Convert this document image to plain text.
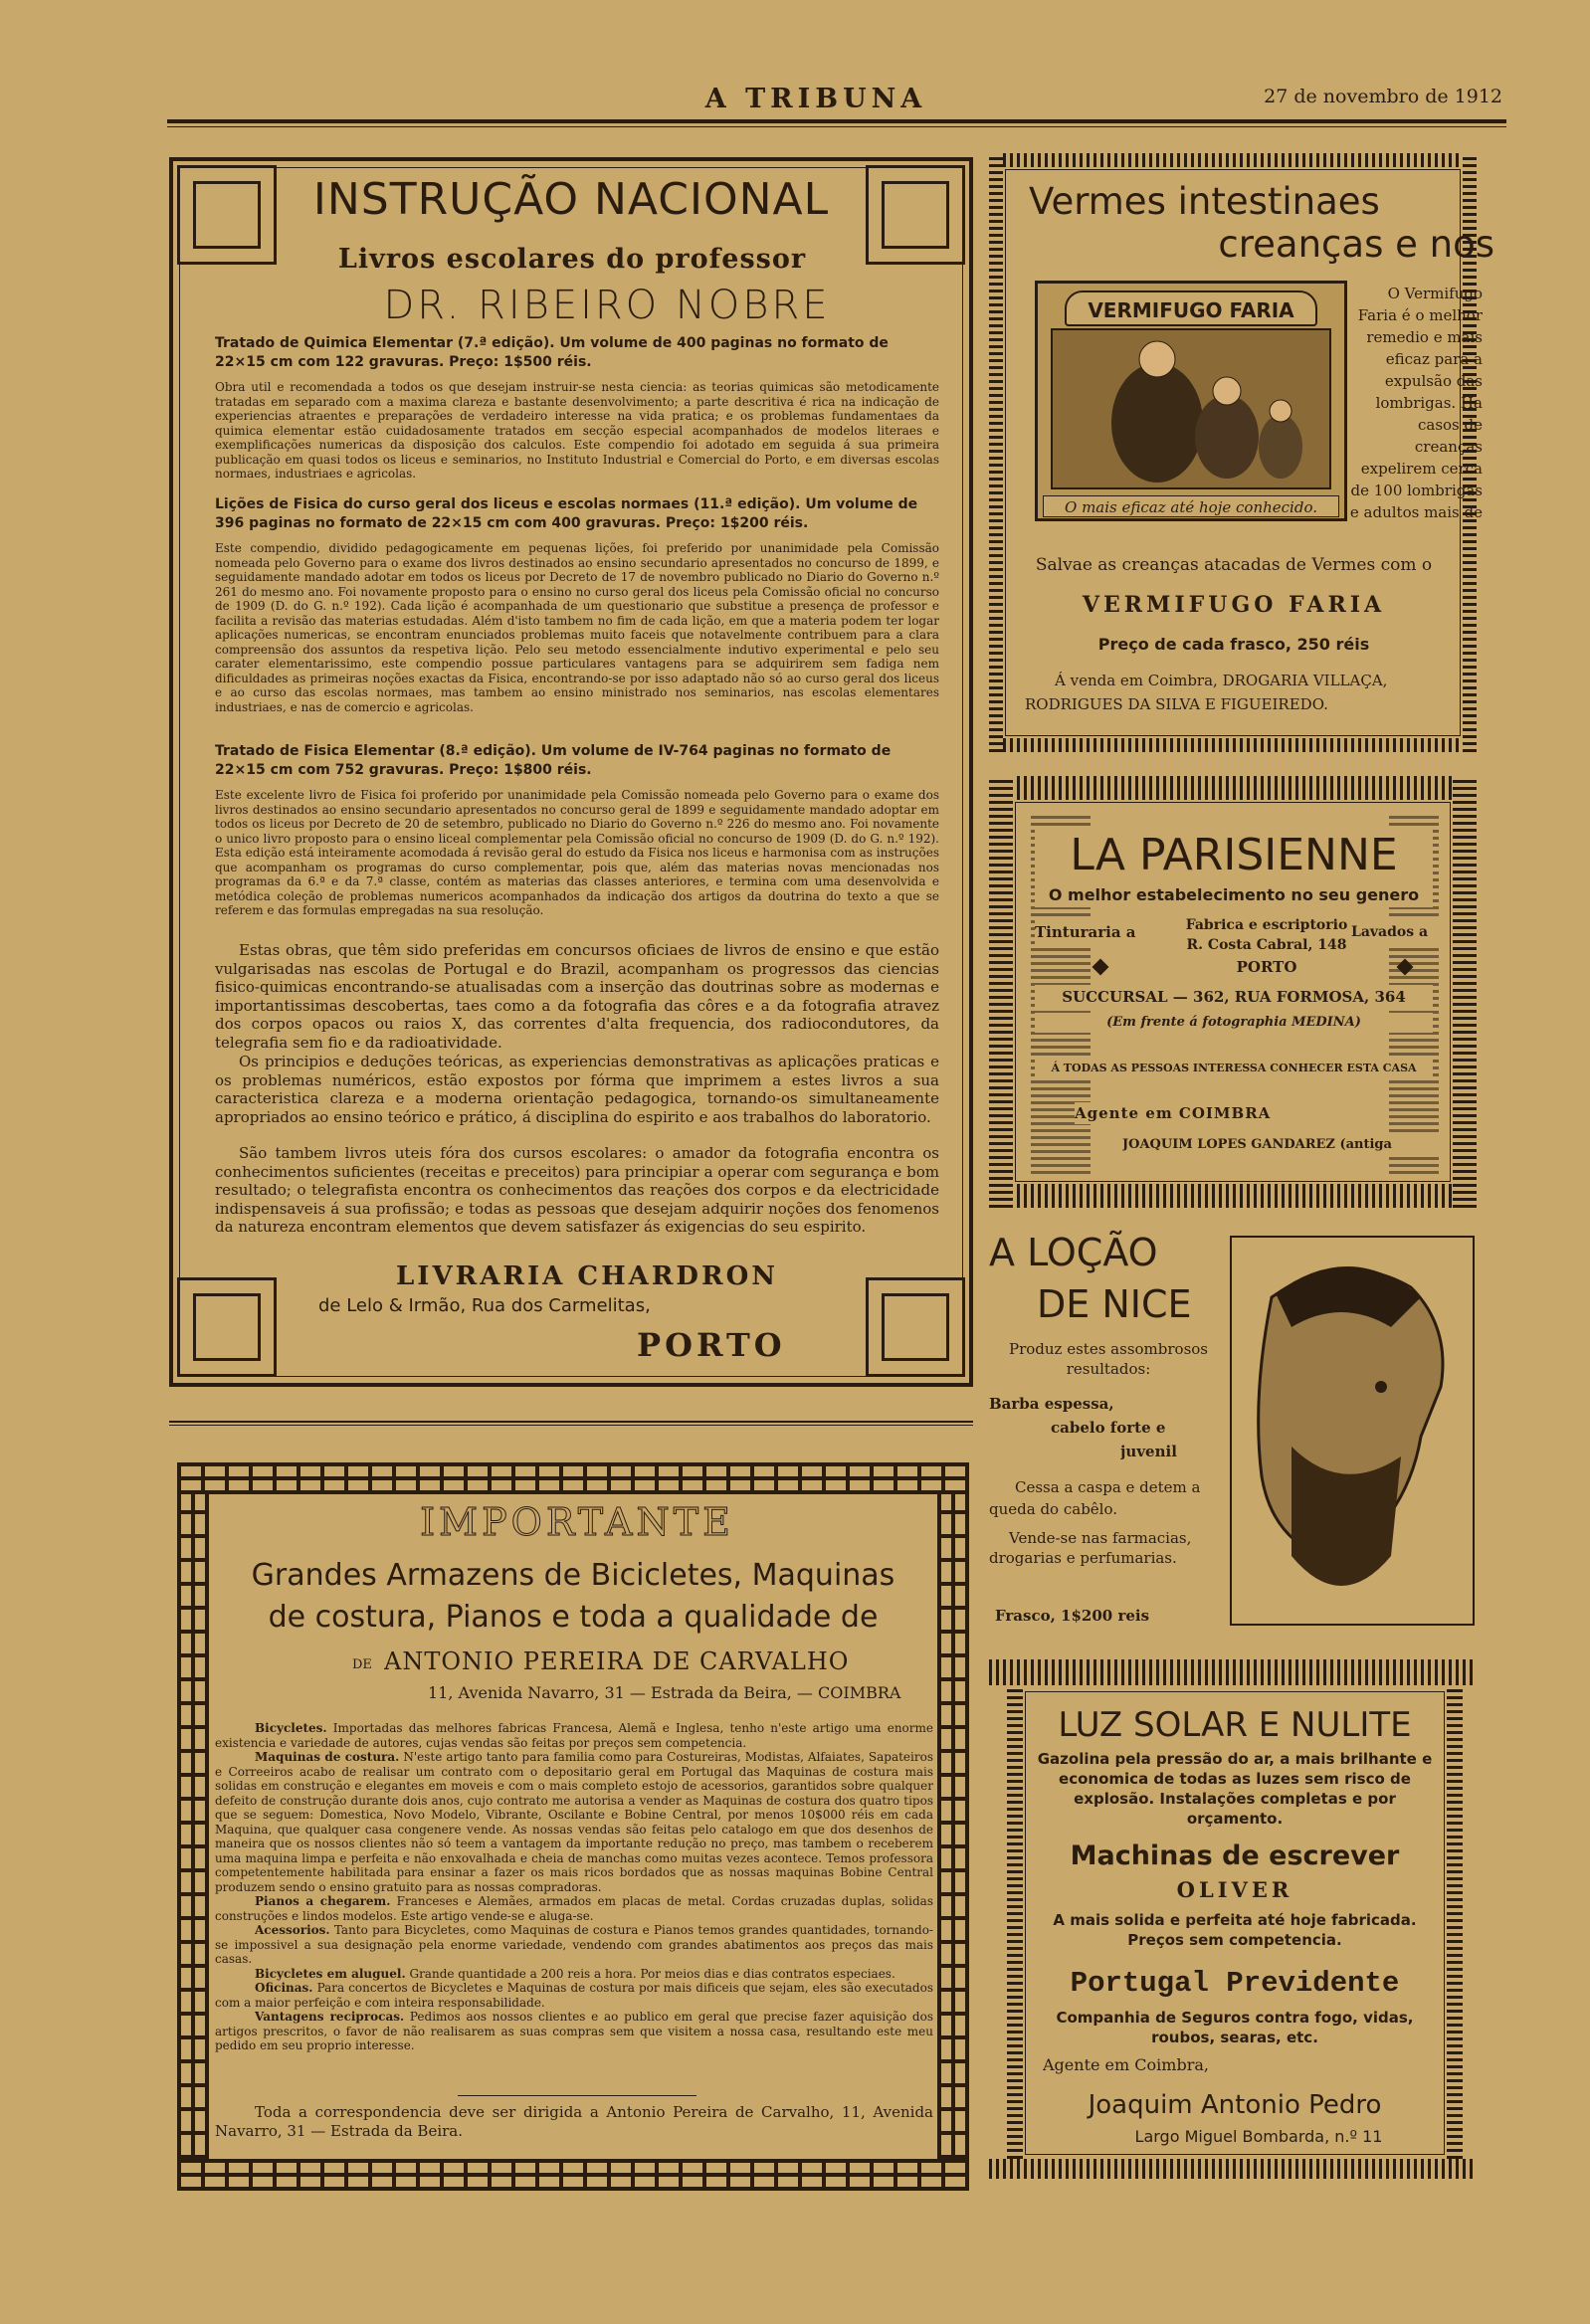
A TRIBUNA	27 de novembro de 1912
INSTRUÇÃO NACIONAL
Livros escolares do professor
DR. RIBEIRO NOBRE
Tratado de Quimica Elementar (7.ª edição). Um volume de 400 paginas no formato de 22×15 cm com 122 gravuras. Preço: 1$500 réis.
Obra util e recomendada a todos os que desejam instruir-se nesta ciencia: as teorias quimicas são metodicamente tratadas em separado com a maxima clareza e bastante desenvolvimento; a parte descritiva é rica na indicação de experiencias atraentes e preparações de verdadeiro interesse na vida pratica; e os problemas fundamentaes da quimica elementar estão cuidadosamente tratados em secção especial acompanhados de modelos literaes e exemplificações numericas da disposição dos calculos. Este compendio foi adotado em seguida á sua primeira publicação em quasi todos os liceus e seminarios, no Instituto Industrial e Comercial do Porto, e em diversas escolas normaes, industriaes e agricolas.
Lições de Fisica do curso geral dos liceus e escolas normaes (11.ª edição). Um volume de 396 paginas no formato de 22×15 cm com 400 gravuras. Preço: 1$200 réis.
Este compendio, dividido pedagogicamente em pequenas lições, foi preferido por unanimidade pela Comissão nomeada pelo Governo para o exame dos livros destinados ao ensino secundario apresentados no concurso de 1899, e seguidamente mandado adotar em todos os liceus por Decreto de 17 de novembro publicado no Diario do Governo n.º 261 do mesmo ano. Foi novamente proposto para o ensino no curso geral dos liceus pela Comissão oficial no concurso de 1909 (D. do G. n.º 192). Cada lição é acompanhada de um questionario que substitue a presença de professor e facilita a revisão das materias estudadas. Além d'isto tambem no fim de cada lição, em que a materia podem ter logar aplicações numericas, se encontram enunciados problemas muito faceis que notavelmente contribuem para a clara compreensão dos assuntos da respetiva lição. Pelo seu metodo essencialmente indutivo experimental e pelo seu carater elementarissimo, este compendio possue particulares vantagens para se adquirirem sem fadiga nem dificuldades as primeiras noções exactas da Fisica, encontrando-se por isso adaptado não só ao curso geral dos liceus e ao curso das escolas normaes, mas tambem ao ensino ministrado nos seminarios, nas escolas elementares industriaes, e nas de comercio e agricolas.
Tratado de Fisica Elementar (8.ª edição). Um volume de IV-764 paginas no formato de 22×15 cm com 752 gravuras. Preço: 1$800 réis.
Este excelente livro de Fisica foi proferido por unanimidade pela Comissão nomeada pelo Governo para o exame dos livros destinados ao ensino secundario apresentados no concurso geral de 1899 e seguidamente mandado adoptar em todos os liceus por Decreto de 20 de setembro, publicado no Diario do Governo n.º 226 do mesmo ano. Foi novamente o unico livro proposto para o ensino liceal complementar pela Comissão oficial no concurso de 1909 (D. do G. n.º 192). Esta edição está inteiramente acomodada á revisão geral do estudo da Fisica nos liceus e harmonisa com as instruções que acompanham os programas do curso complementar, pois que, além das materias novas mencionadas nos programas da 6.ª e da 7.ª classe, contém as materias das classes anteriores, e termina com uma desenvolvida e metódica coleção de problemas numericos acompanhados da indicação dos artigos da doutrina do texto a que se referem e das formulas empregadas na sua resolução.
Estas obras, que têm sido preferidas em concursos oficiaes de livros de ensino e que estão vulgarisadas nas escolas de Portugal e do Brazil, acompanham os progressos das ciencias fisico-quimicas encontrando-se atualisadas com a inserção das doutrinas sobre as modernas e importantissimas descobertas, taes como a da fotografia das côres e a da fotografia atravez dos corpos opacos ou raios X, das correntes d'alta frequencia, dos radiocondutores, da telegrafia sem fio e da radioatividade.
Os principios e deduções teóricas, as experiencias demonstrativas as aplicações praticas e os problemas numéricos, estão expostos por fórma que imprimem a estes livros a sua caracteristica clareza e a moderna orientação pedagogica, tornando-os simultaneamente apropriados ao ensino teórico e prático, á disciplina do espirito e aos trabalhos do laboratorio.
São tambem livros uteis fóra dos cursos escolares: o amador da fotografia encontra os conhecimentos suficientes (receitas e preceitos) para principiar a operar com segurança e bom resultado; o telegrafista encontra os conhecimentos das reações dos corpos e da electricidade indispensaveis á sua profissão; e todas as pessoas que desejam adquirir noções dos fenomenos da natureza encontram elementos que devem satisfazer ás exigencias do seu espirito.
LIVRARIA CHARDRON
de Lelo & Irmão, Rua dos Carmelitas,
PORTO
IMPORTANTE
Grandes Armazens de Bicicletes, Maquinas
de costura, Pianos e toda a qualidade de
DE ANTONIO PEREIRA DE CARVALHO
11, Avenida Navarro, 31 — Estrada da Beira, — COIMBRA

Bicycletes. Importadas das melhores fabricas Francesa, Alemã e Inglesa, tenho n'este artigo uma enorme existencia e variedade de autores, cujas vendas são feitas por preços sem competencia.

Maquinas de costura. N'este artigo tanto para familia como para Costureiras, Modistas, Alfaiates, Sapateiros e Correeiros acabo de realisar um contrato com o depositario geral em Portugal das Maquinas de costura mais solidas em construção e elegantes em moveis e com o mais completo estojo de acessorios, garantidos sobre qualquer defeito de construção durante dois anos, cujo contrato me autorisa a vender as Maquinas de costura dos quatro tipos que se seguem: Domestica, Novo Modelo, Vibrante, Oscilante e Bobine Central, por menos 10$000 réis em cada Maquina, que qualquer casa congenere vende. As nossas vendas são feitas pelo catalogo em que dos desenhos de maneira que os nossos clientes não só teem a vantagem da importante redução no preço, mas tambem o receberem uma maquina limpa e perfeita e não enxovalhada e cheia de manchas como muitas vezes acontece. Temos professora competentemente habilitada para ensinar a fazer os mais ricos bordados que as nossas maquinas Bobine Central produzem sendo o ensino gratuito para as nossas compradoras.

Pianos a chegarem. Franceses e Alemães, armados em placas de metal. Cordas cruzadas duplas, solidas construções e lindos modelos. Este artigo vende-se e aluga-se.

Acessorios. Tanto para Bicycletes, como Maquinas de costura e Pianos temos grandes quantidades, tornando-se impossivel a sua designação pela enorme variedade, vendendo com grandes abatimentos aos preços das mais casas.

Bicycletes em aluguel. Grande quantidade a 200 reis a hora. Por meios dias e dias contratos especiaes.

Oficinas. Para concertos de Bicycletes e Maquinas de costura por mais dificeis que sejam, eles são executados com a maior perfeição e com inteira responsabilidade.

Vantagens reciprocas. Pedimos aos nossos clientes e ao publico em geral que precise fazer aquisição dos artigos prescritos, o favor de não realisarem as suas compras sem que visitem a nossa casa, resultando este meu pedido em seu proprio interesse.

Toda a correspondencia deve ser dirigida a Antonio Pereira de Carvalho, 11, Avenida Navarro, 31 — Estrada da Beira.
Vermes intestinaes
creanças e nos
VERMIFUGO FARIA
O mais eficaz até hoje conhecido.
O Vermifugo Faria é o melhor remedio e mais eficaz para a expulsão das lombrigas. Ha casos de creanças expelirem cerca de 100 lombrigas e adultos mais de
Salvae as creanças atacadas de Vermes com o
VERMIFUGO FARIA
Preço de cada frasco, 250 réis
Á venda em Coimbra, DROGARIA VILLAÇA, RODRIGUES DA SILVA E FIGUEIREDO.
LA PARISIENNE
O melhor estabelecimento no seu genero
Tinturaria a	Fabrica e escriptorio
R. Costa Cabral, 148
PORTO
Lavados a
SUCCURSAL — 362, RUA FORMOSA, 364
(Em frente á fotographia MEDINA)
Á TODAS AS PESSOAS INTERESSA CONHECER ESTA CASA
Agente em COIMBRA
JOAQUIM LOPES GANDAREZ (antiga
A LOÇÃO
DE NICE
Produz estes assombrosos resultados:
Barba espessa,
cabelo forte e
juvenil
Cessa a caspa e detem a queda do cabêlo.
Vende-se nas farmacias, drogarias e perfumarias.
Frasco, 1$200 reis
LUZ SOLAR E NULITE
Gazolina pela pressão do ar, a mais brilhante e economica de todas as luzes sem risco de explosão. Instalações completas e por orçamento.
Machinas de escrever
OLIVER
A mais solida e perfeita até hoje fabricada. Preços sem competencia.
Portugal Previdente
Companhia de Seguros contra fogo, vidas, roubos, searas, etc.
Agente em Coimbra,
Joaquim Antonio Pedro
Largo Miguel Bombarda, n.º 11
